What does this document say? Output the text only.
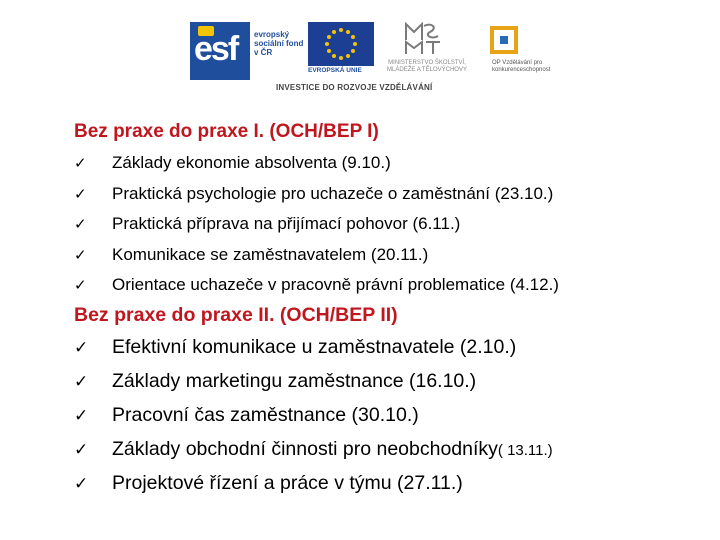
esf evropský sociální fond v ČR
EVROPSKÁ UNIE
MINISTERSTVO ŠKOLSTVÍ, MLÁDEŽE A TĚLOVÝCHOVY
OP Vzdělávání pro konkurenceschopnost
INVESTICE DO ROZVOJE VZDĚLÁVÁNÍ
Bez praxe do praxe I. (OCH/BEP I)
✓	Základy ekonomie absolventa (9.10.)
✓	Praktická psychologie pro uchazeče o zaměstnání (23.10.)
✓	Praktická příprava na přijímací pohovor (6.11.)
✓	Komunikace se zaměstnavatelem (20.11.)
✓	Orientace uchazeče v pracovně právní problematice (4.12.)
Bez praxe do praxe II. (OCH/BEP II)
✓	Efektivní komunikace u zaměstnavatele (2.10.)
✓	Základy marketingu zaměstnance (16.10.)
✓	Pracovní čas zaměstnance (30.10.)
✓	Základy obchodní činnosti pro neobchodníky ( 13.11.)
✓	Projektové řízení a práce v týmu (27.11.)
